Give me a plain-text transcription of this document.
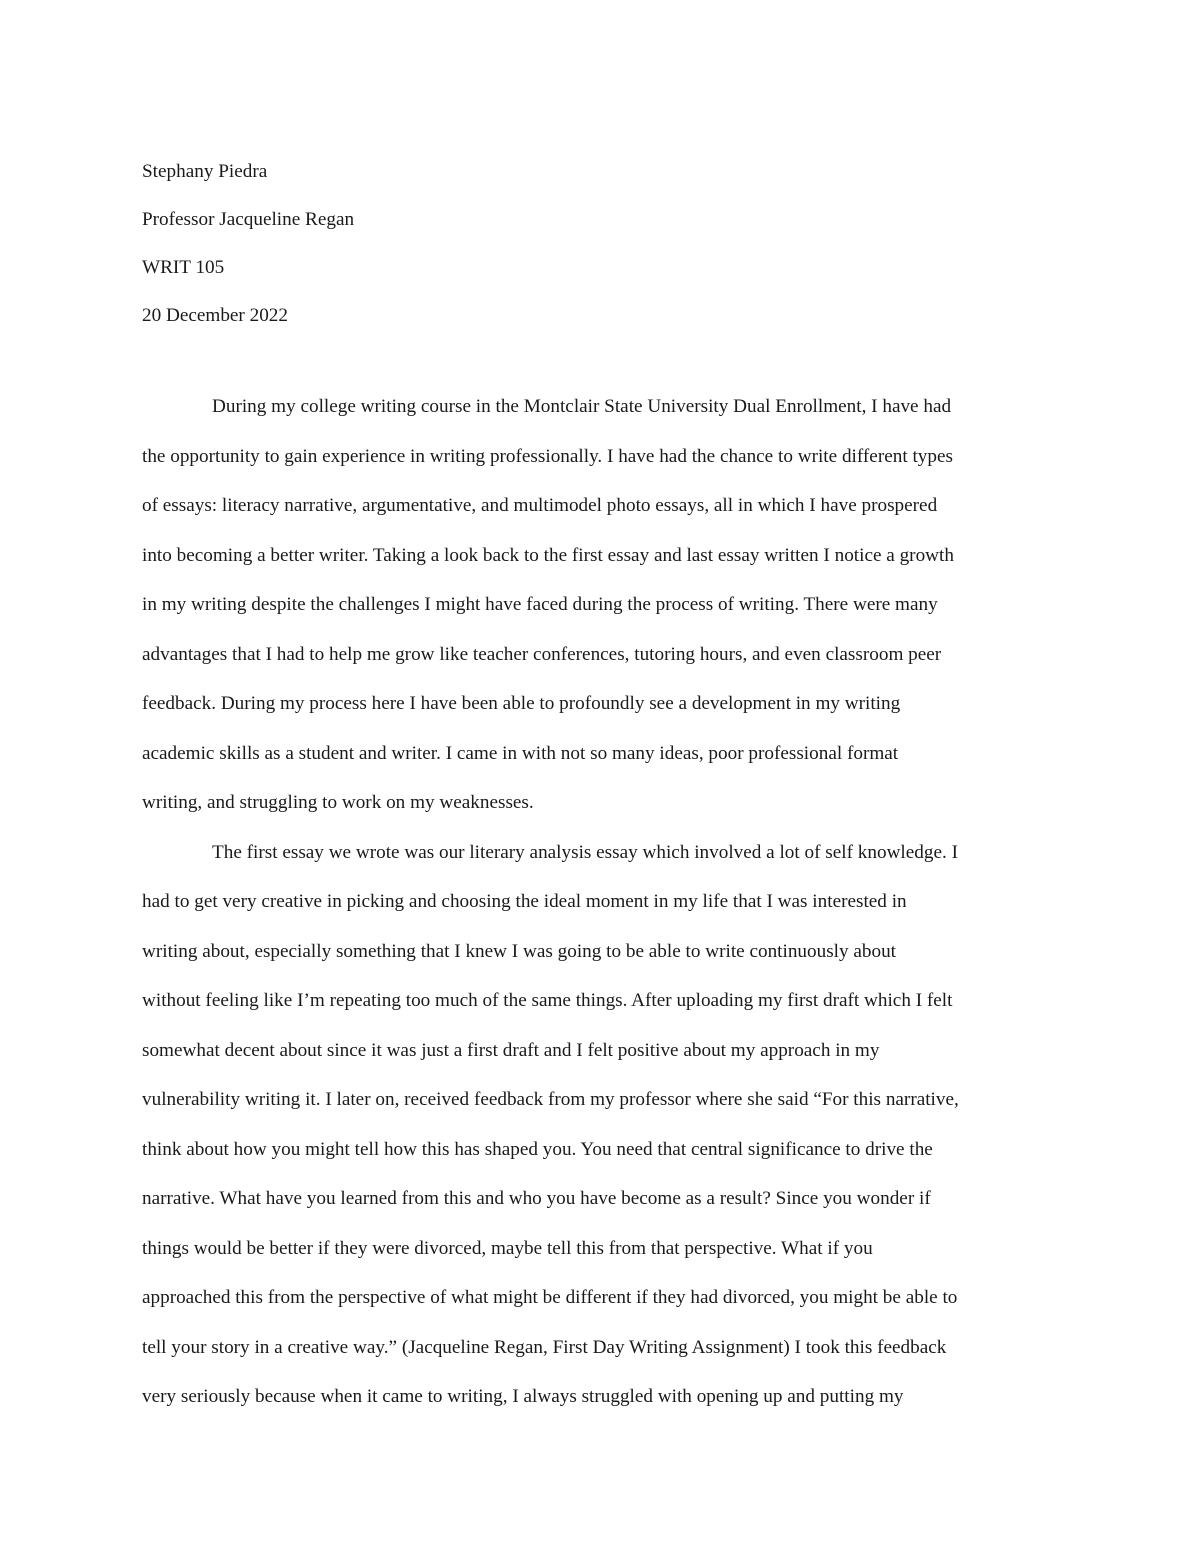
Stephany Piedra
Professor Jacqueline Regan
WRIT 105
20 December 2022
During my college writing course in the Montclair State University Dual Enrollment, I have had
the opportunity to gain experience in writing professionally. I have had the chance to write different types
of essays: literacy narrative, argumentative, and multimodel photo essays, all in which I have prospered
into becoming a better writer. Taking a look back to the first essay and last essay written I notice a growth
in my writing despite the challenges I might have faced during the process of writing. There were many
advantages that I had to help me grow like teacher conferences, tutoring hours, and even classroom peer
feedback. During my process here I have been able to profoundly see a development in my writing
academic skills as a student and writer. I came in with not so many ideas, poor professional format
writing, and struggling to work on my weaknesses.
The first essay we wrote was our literary analysis essay which involved a lot of self knowledge. I
had to get very creative in picking and choosing the ideal moment in my life that I was interested in
writing about, especially something that I knew I was going to be able to write continuously about
without feeling like I’m repeating too much of the same things. After uploading my first draft which I felt
somewhat decent about since it was just a first draft and I felt positive about my approach in my
vulnerability writing it. I later on, received feedback from my professor where she said “For this narrative,
think about how you might tell how this has shaped you. You need that central significance to drive the
narrative. What have you learned from this and who you have become as a result? Since you wonder if
things would be better if they were divorced, maybe tell this from that perspective. What if you
approached this from the perspective of what might be different if they had divorced, you might be able to
tell your story in a creative way.” (Jacqueline Regan, First Day Writing Assignment) I took this feedback
very seriously because when it came to writing, I always struggled with opening up and putting my
